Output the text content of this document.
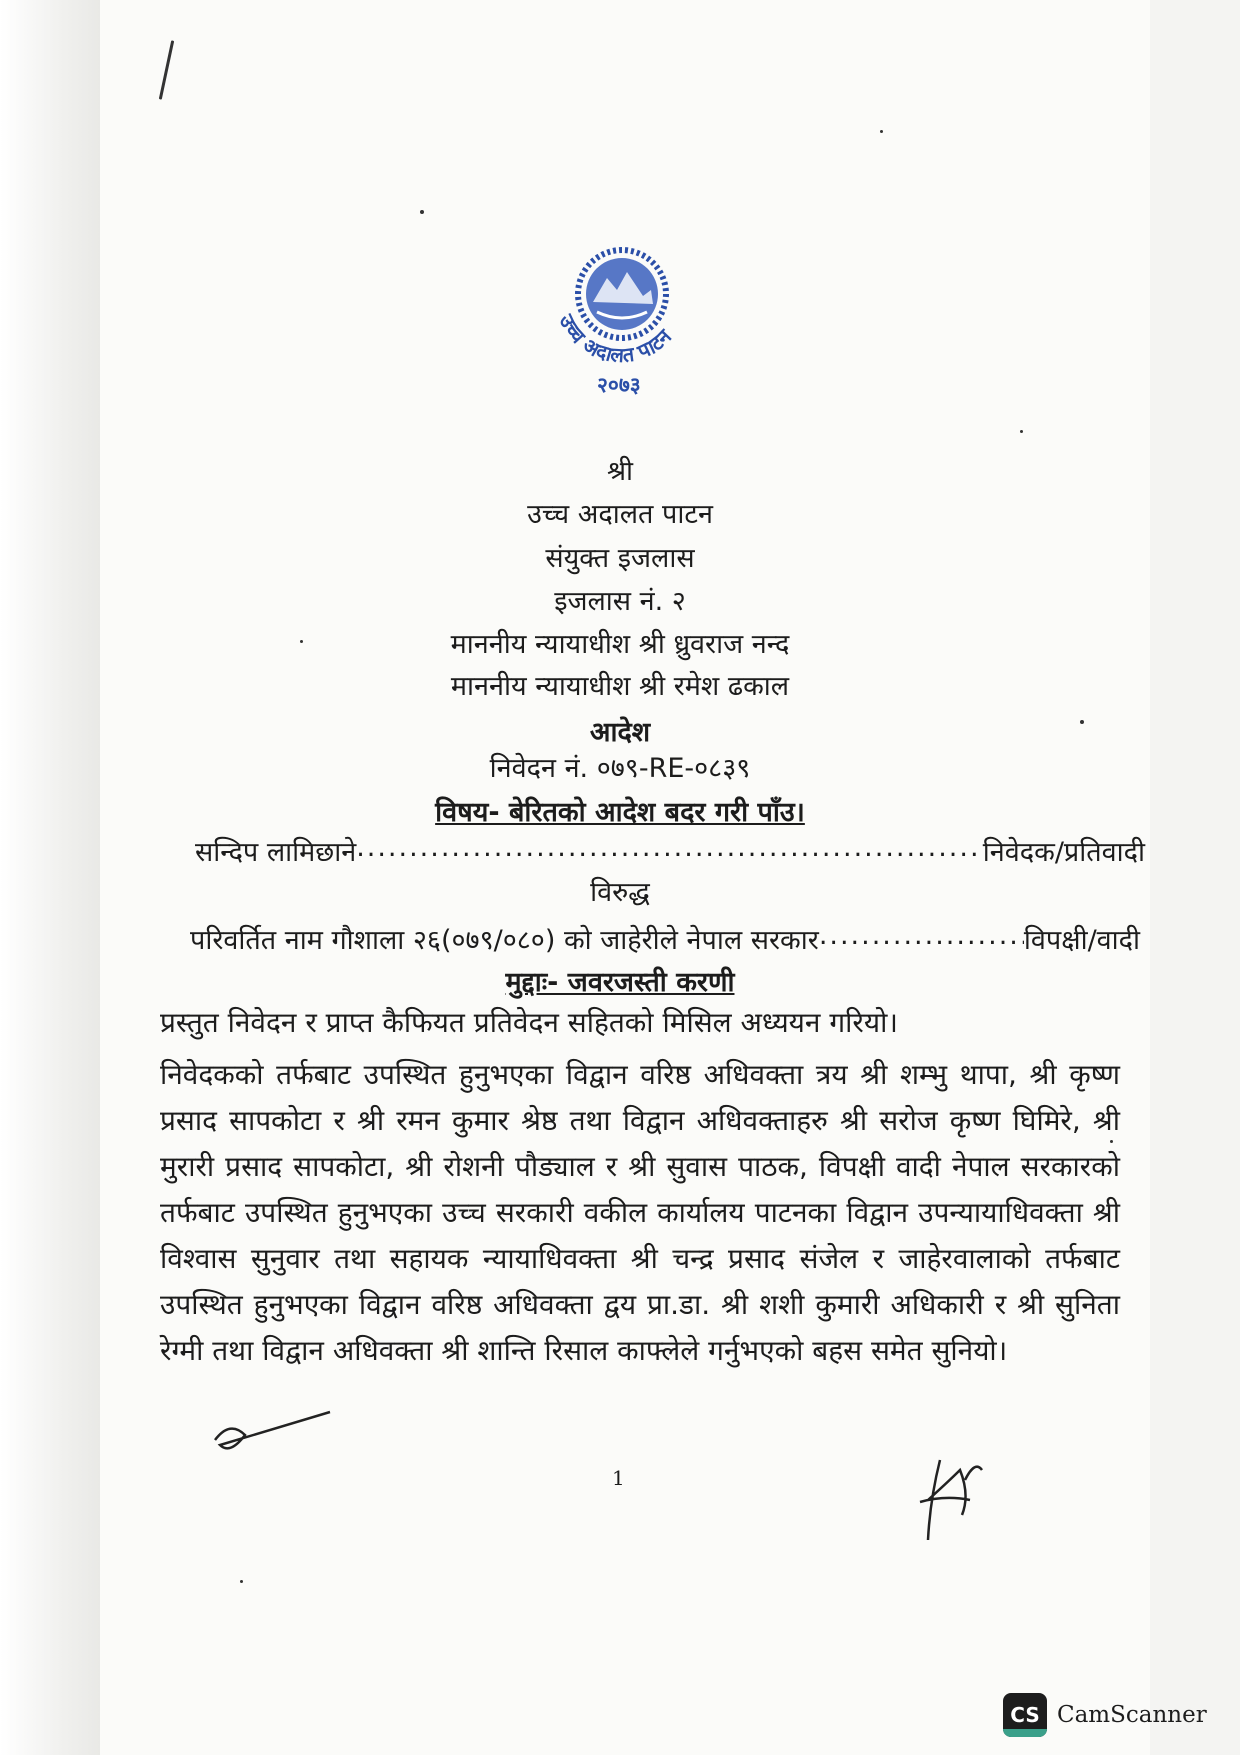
उच्च अदालत पाटन
२०७३
श्री
उच्च अदालत पाटन
संयुक्त इजलास
इजलास नं. २
माननीय न्यायाधीश श्री ध्रुवराज नन्द
माननीय न्यायाधीश श्री रमेश ढकाल
आदेश
निवेदन नं. ०७९-RE-०८३९
विषय- बेरितको आदेश बदर गरी पाँउ।
सन्दिप लामिछाने .....	निवेदक/प्रतिवादी
विरुद्ध
परिवर्तित नाम गौशाला २६(०७९/०८०) को जाहेरीले नेपाल सरकार .....	विपक्षी/वादी
मुद्दाः- जवरजस्ती करणी
प्रस्तुत निवेदन र प्राप्त कैफियत प्रतिवेदन सहितको मिसिल अध्ययन गरियो।
निवेदकको तर्फबाट उपस्थित हुनुभएका विद्वान वरिष्ठ अधिवक्ता त्रय श्री शम्भु थापा, श्री कृष्ण प्रसाद सापकोटा र श्री रमन कुमार श्रेष्ठ तथा विद्वान अधिवक्ताहरु श्री सरोज कृष्ण घिमिरे, श्री मुरारी प्रसाद सापकोटा, श्री रोशनी पौड्याल र श्री सुवास पाठक, विपक्षी वादी नेपाल सरकारको तर्फबाट उपस्थित हुनुभएका उच्च सरकारी वकील कार्यालय पाटनका विद्वान उपन्यायाधिवक्ता श्री विश्वास सुनुवार तथा सहायक न्यायाधिवक्ता श्री चन्द्र प्रसाद संजेल र जाहेरवालाको तर्फबाट उपस्थित हुनुभएका विद्वान वरिष्ठ अधिवक्ता द्वय प्रा.डा. श्री शशी कुमारी अधिकारी र श्री सुनिता रेग्मी तथा विद्वान अधिवक्ता श्री शान्ति रिसाल काफ्लेले गर्नुभएको बहस समेत सुनियो।
1
CS CamScanner
